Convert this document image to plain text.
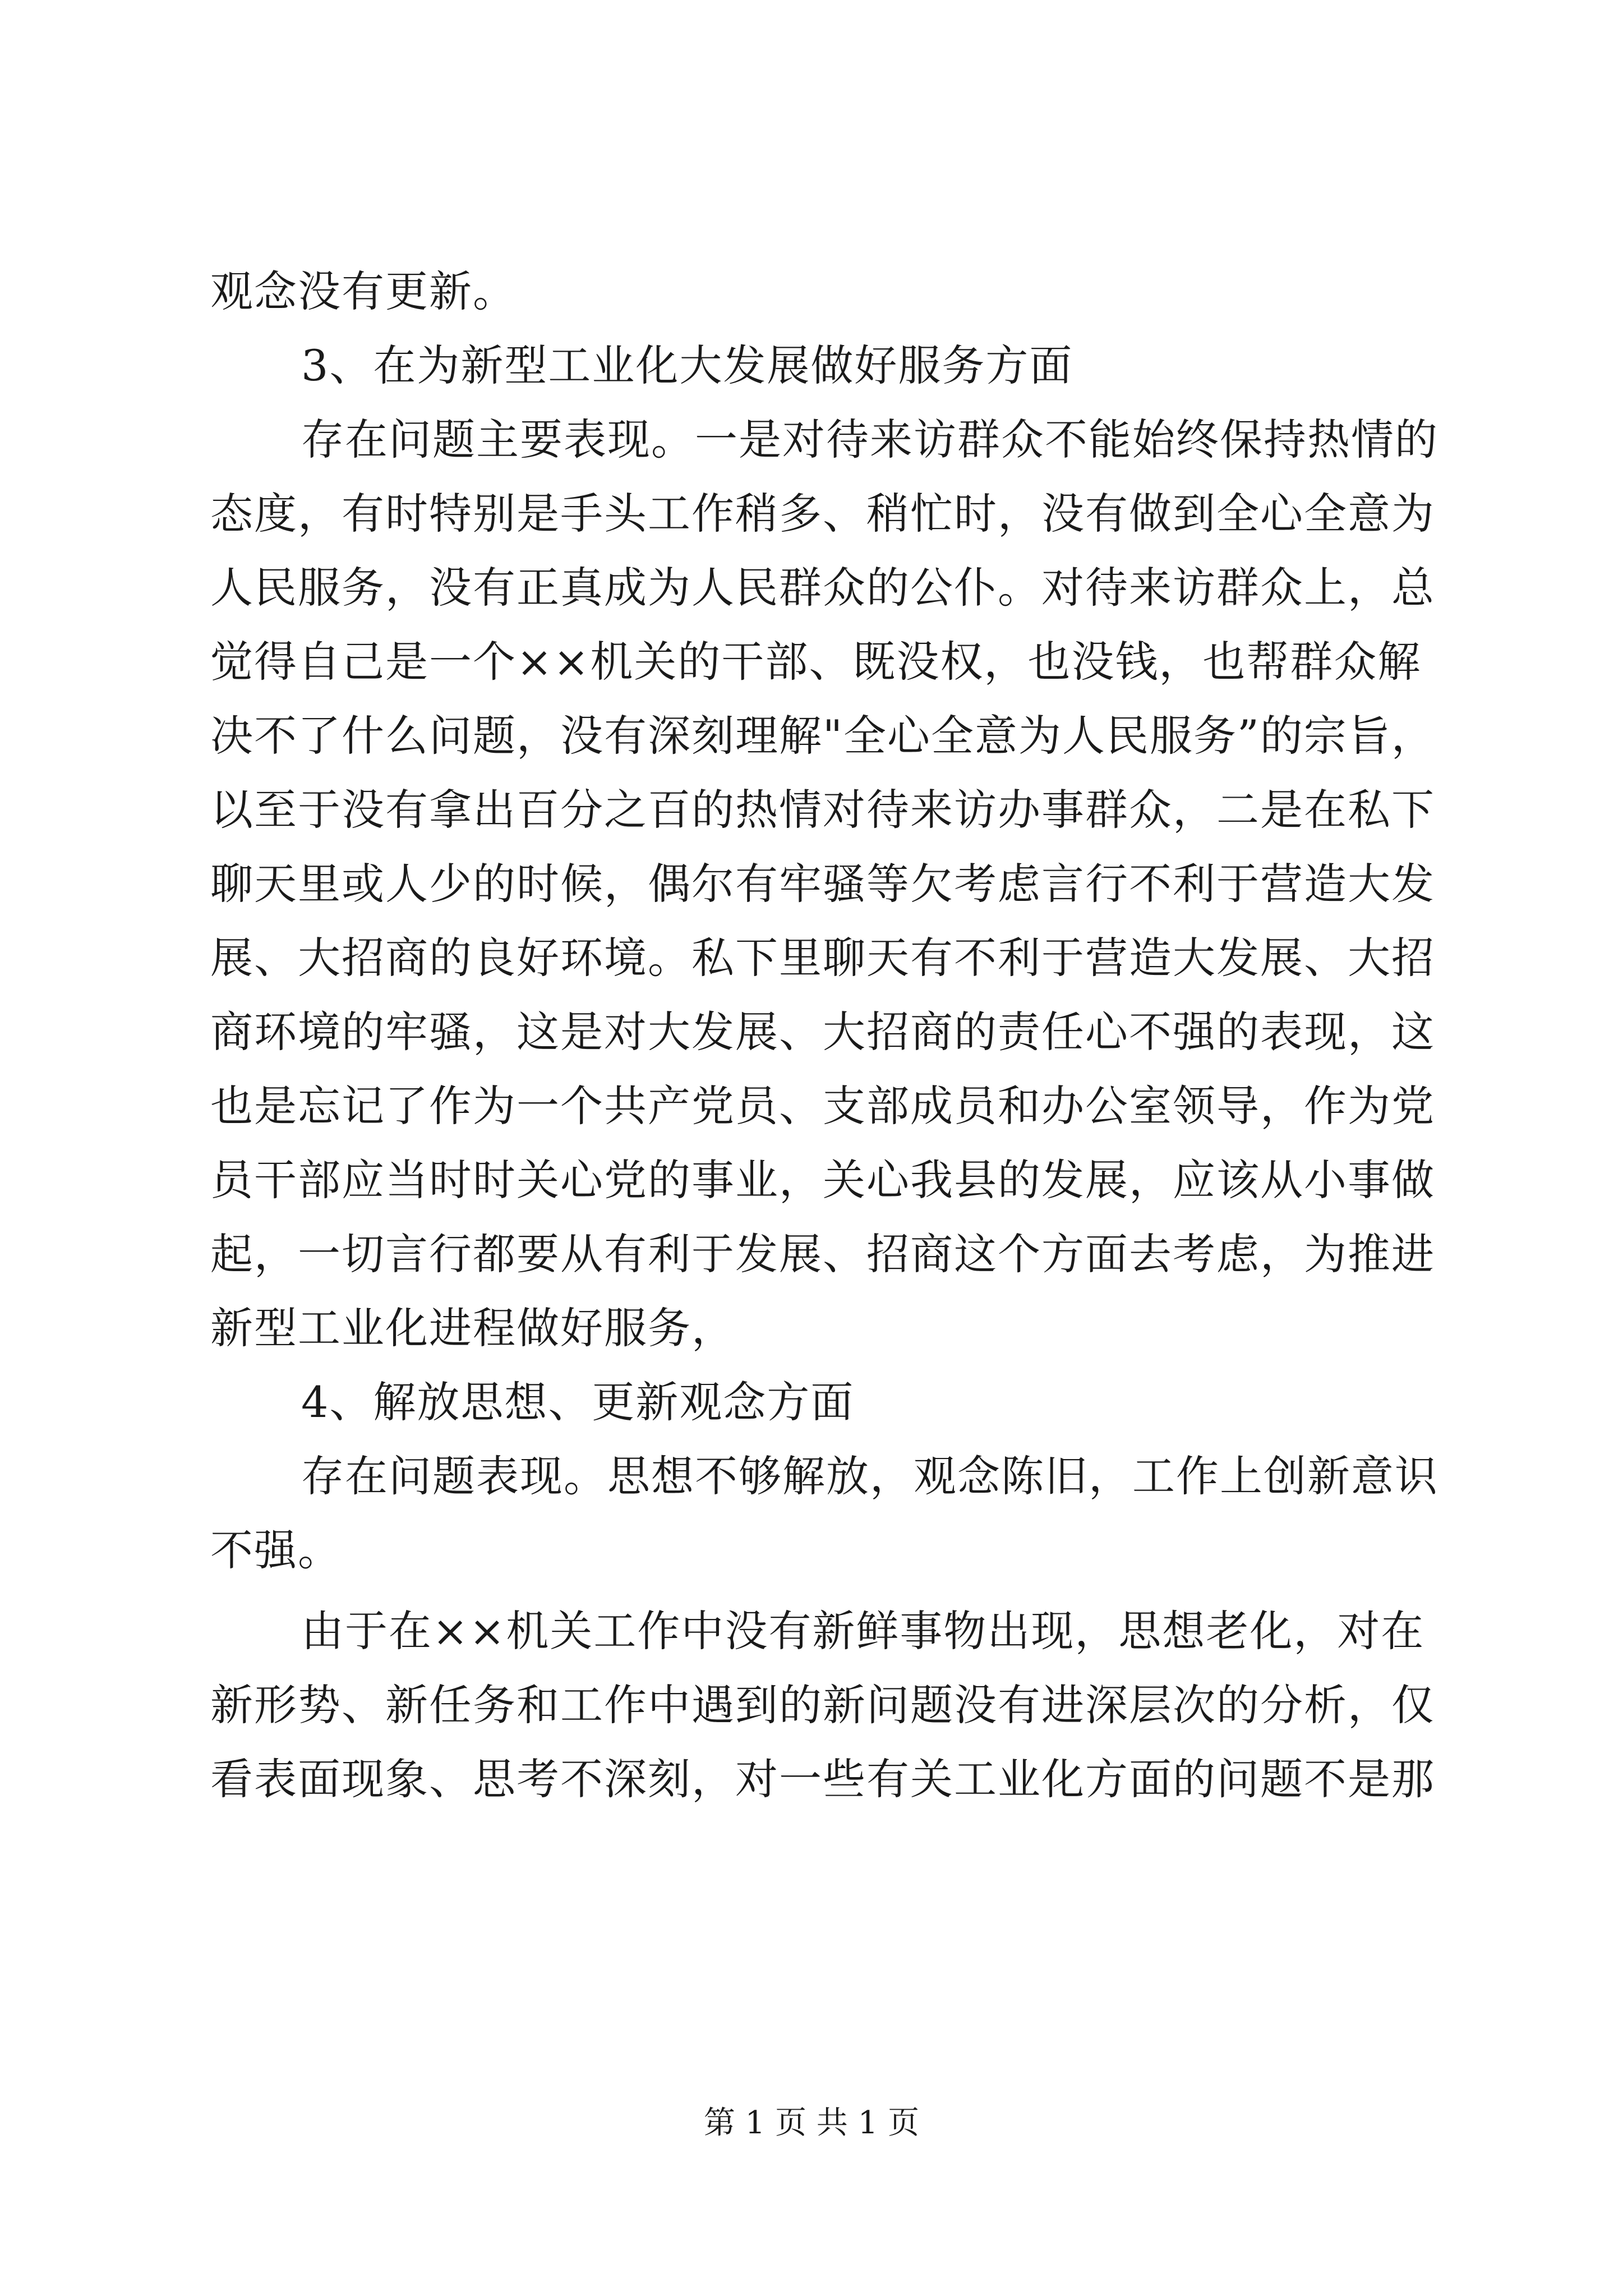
观念没有更新。
3、在为新型工业化大发展做好服务方面
存在问题主要表现。一是对待来访群众不能始终保持热情的
态度，有时特别是手头工作稍多、稍忙时，没有做到全心全意为
人民服务，没有正真成为人民群众的公仆。对待来访群众上，总
觉得自己是一个××机关的干部、既没权，也没钱，也帮群众解
决不了什么问题，没有深刻理解"全心全意为人民服务”的宗旨，
以至于没有拿出百分之百的热情对待来访办事群众，二是在私下
聊天里或人少的时候，偶尔有牢骚等欠考虑言行不利于营造大发
展、大招商的良好环境。私下里聊天有不利于营造大发展、大招
商环境的牢骚，这是对大发展、大招商的责任心不强的表现，这
也是忘记了作为一个共产党员、支部成员和办公室领导，作为党
员干部应当时时关心党的事业，关心我县的发展，应该从小事做
起，一切言行都要从有利于发展、招商这个方面去考虑，为推进
新型工业化进程做好服务，
4、解放思想、更新观念方面
存在问题表现。思想不够解放，观念陈旧，工作上创新意识
不强。
由于在××机关工作中没有新鲜事物出现，思想老化，对在
新形势、新任务和工作中遇到的新问题没有进深层次的分析，仅
看表面现象、思考不深刻，对一些有关工业化方面的问题不是那
第 1 页 共 1 页
